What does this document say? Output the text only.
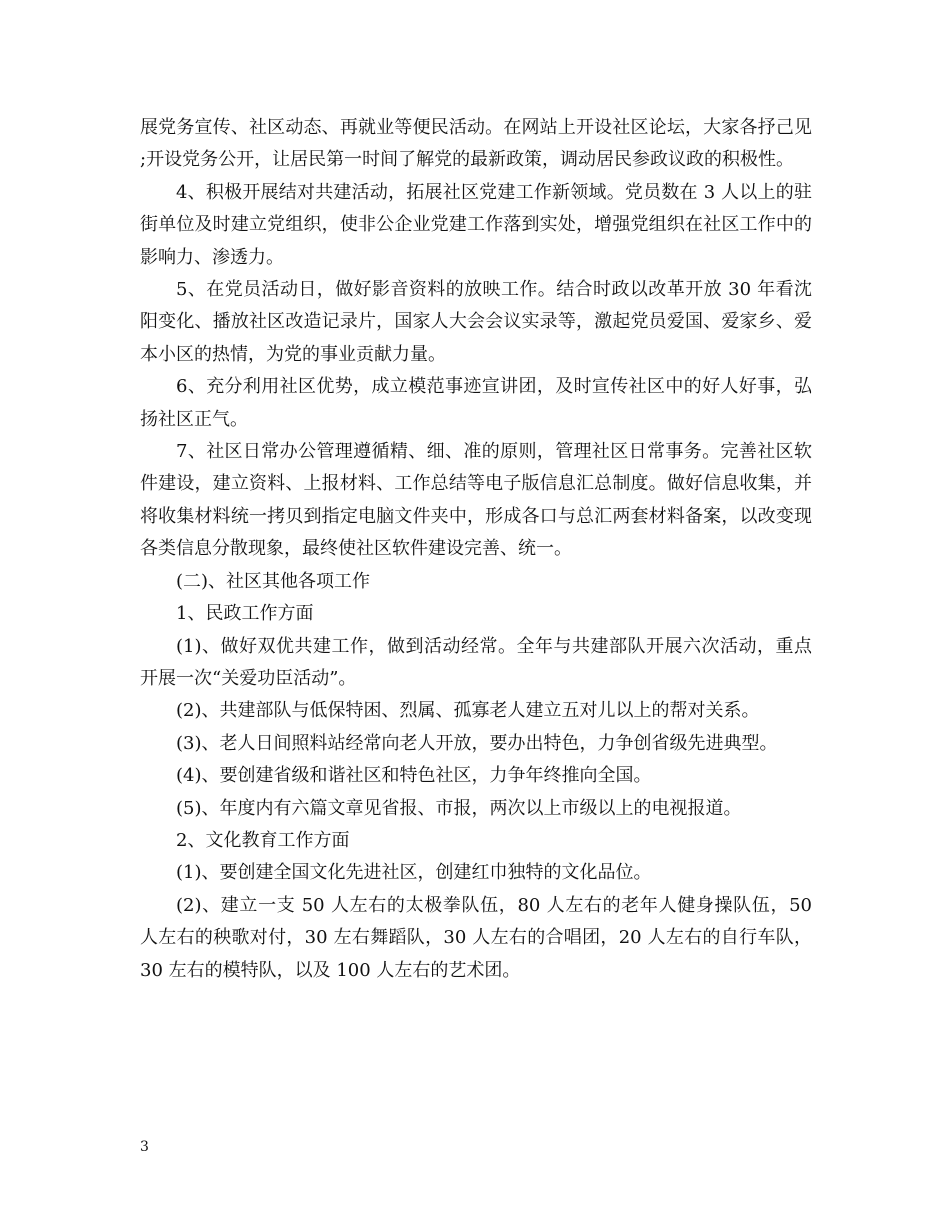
展党务宣传、社区动态、再就业等便民活动。在网站上开设社区论坛，大家各抒己见;开设党务公开，让居民第一时间了解党的最新政策，调动居民参政议政的积极性。

4、积极开展结对共建活动，拓展社区党建工作新领域。党员数在 3 人以上的驻街单位及时建立党组织，使非公企业党建工作落到实处，增强党组织在社区工作中的影响力、渗透力。

5、在党员活动日，做好影音资料的放映工作。结合时政以改革开放 30 年看沈阳变化、播放社区改造记录片，国家人大会会议实录等，激起党员爱国、爱家乡、爱本小区的热情，为党的事业贡献力量。

6、充分利用社区优势，成立模范事迹宣讲团，及时宣传社区中的好人好事，弘扬社区正气。

7、社区日常办公管理遵循精、细、准的原则，管理社区日常事务。完善社区软件建设，建立资料、上报材料、工作总结等电子版信息汇总制度。做好信息收集，并将收集材料统一拷贝到指定电脑文件夹中，形成各口与总汇两套材料备案，以改变现各类信息分散现象，最终使社区软件建设完善、统一。

(二)、社区其他各项工作

1、民政工作方面

(1)、做好双优共建工作，做到活动经常。全年与共建部队开展六次活动，重点开展一次“关爱功臣活动”。

(2)、共建部队与低保特困、烈属、孤寡老人建立五对儿以上的帮对关系。

(3)、老人日间照料站经常向老人开放，要办出特色，力争创省级先进典型。

(4)、要创建省级和谐社区和特色社区，力争年终推向全国。

(5)、年度内有六篇文章见省报、市报，两次以上市级以上的电视报道。

2、文化教育工作方面

(1)、要创建全国文化先进社区，创建红巾独特的文化品位。

(2)、建立一支 50 人左右的太极拳队伍，80 人左右的老年人健身操队伍，50 人左右的秧歌对付，30 左右舞蹈队，30 人左右的合唱团，20 人左右的自行车队，30 左右的模特队，以及 100 人左右的艺术团。

3
